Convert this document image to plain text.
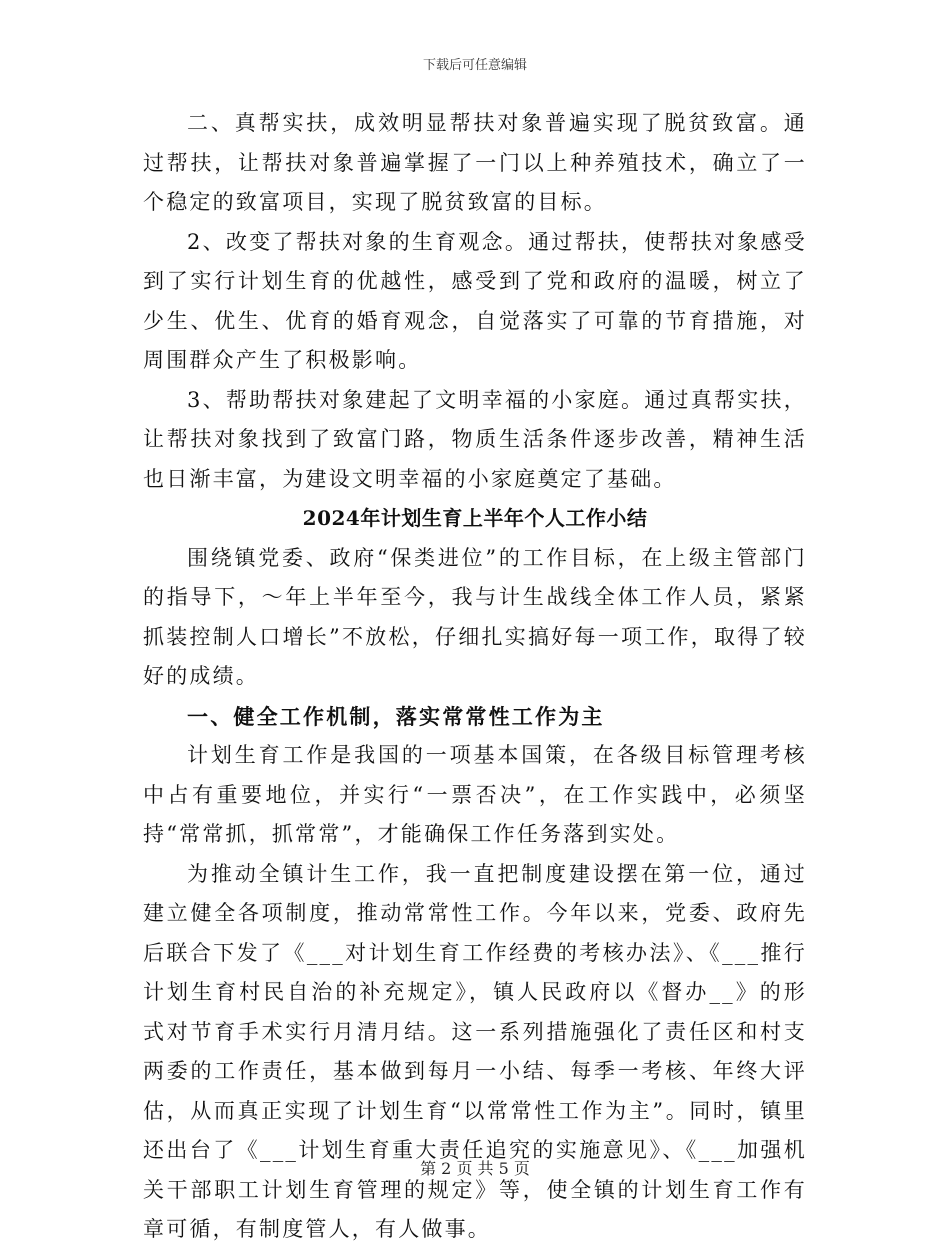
下载后可任意编辑

二、真帮实扶，成效明显帮扶对象普遍实现了脱贫致富。通过帮扶，让帮扶对象普遍掌握了一门以上种养殖技术，确立了一个稳定的致富项目，实现了脱贫致富的目标。

2、改变了帮扶对象的生育观念。通过帮扶，使帮扶对象感受到了实行计划生育的优越性，感受到了党和政府的温暖，树立了少生、优生、优育的婚育观念，自觉落实了可靠的节育措施，对周围群众产生了积极影响。

3、帮助帮扶对象建起了文明幸福的小家庭。通过真帮实扶，让帮扶对象找到了致富门路，物质生活条件逐步改善，精神生活也日渐丰富，为建设文明幸福的小家庭奠定了基础。

2024年计划生育上半年个人工作小结

围绕镇党委、政府“保类进位”的工作目标，在上级主管部门的指导下，～年上半年至今，我与计生战线全体工作人员，紧紧抓装控制人口增长”不放松，仔细扎实搞好每一项工作，取得了较好的成绩。

一、健全工作机制，落实常常性工作为主

计划生育工作是我国的一项基本国策，在各级目标管理考核中占有重要地位，并实行“一票否决”，在工作实践中，必须坚持“常常抓，抓常常”，才能确保工作任务落到实处。

为推动全镇计生工作，我一直把制度建设摆在第一位，通过建立健全各项制度，推动常常性工作。今年以来，党委、政府先后联合下发了《___对计划生育工作经费的考核办法》、《___推行计划生育村民自治的补充规定》，镇人民政府以《督办__》的形式对节育手术实行月清月结。这一系列措施强化了责任区和村支两委的工作责任，基本做到每月一小结、每季一考核、年终大评估，从而真正实现了计划生育“以常常性工作为主”。同时，镇里还出台了《___计划生育重大责任追究的实施意见》、《___加强机关干部职工计划生育管理的规定》等，使全镇的计划生育工作有章可循，有制度管人，有人做事。

第 2 页 共 5 页
